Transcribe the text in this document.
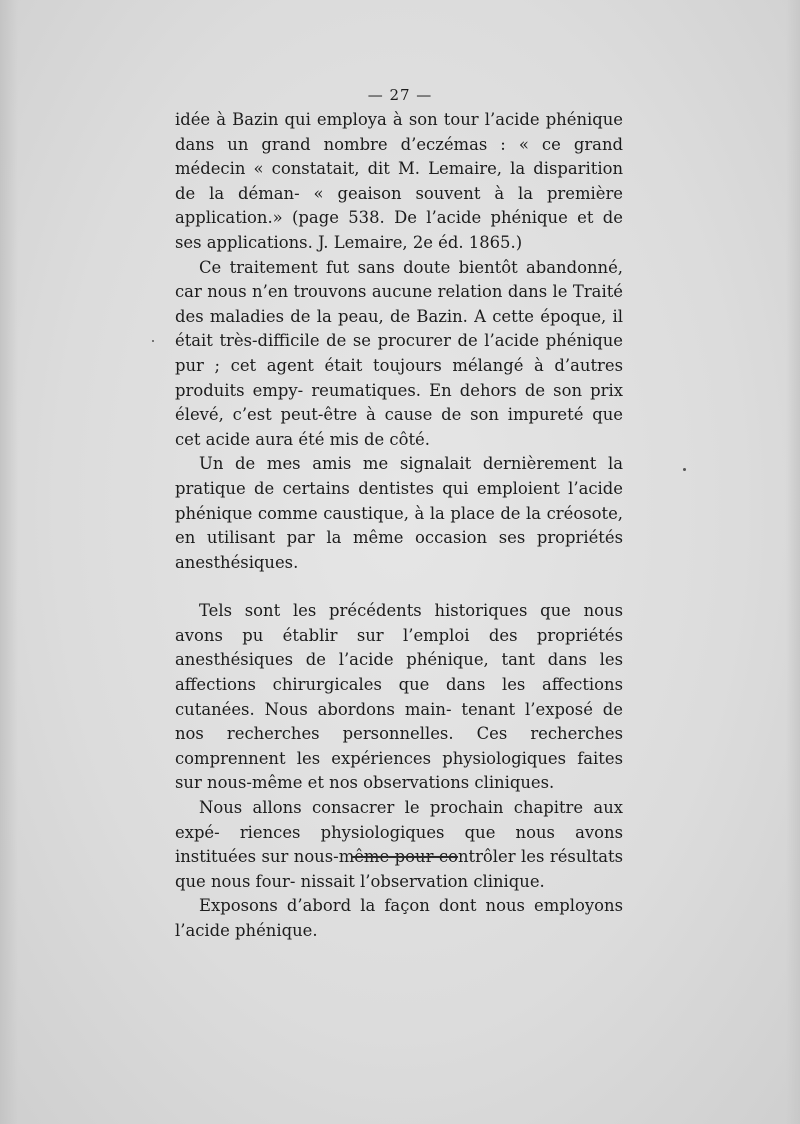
— 27 —

idée à Bazin qui employa à son tour l’acide phénique dans un grand nombre d’eczémas : « ce grand médecin « constatait, dit M. Lemaire, la disparition de la déman- « geaison souvent à la première application.» (page 538. De l’acide phénique et de ses applications. J. Lemaire, 2e éd. 1865.)

Ce traitement fut sans doute bientôt abandonné, car nous n’en trouvons aucune relation dans le Traité des maladies de la peau, de Bazin. A cette époque, il était très-difficile de se procurer de l’acide phénique pur ; cet agent était toujours mélangé à d’autres produits empy- reumatiques. En dehors de son prix élevé, c’est peut-être à cause de son impureté que cet acide aura été mis de côté.

Un de mes amis me signalait dernièrement la pratique de certains dentistes qui emploient l’acide phénique comme caustique, à la place de la créosote, en utilisant par la même occasion ses propriétés anesthésiques.

Tels sont les précédents historiques que nous avons pu établir sur l’emploi des propriétés anesthésiques de l’acide phénique, tant dans les affections chirurgicales que dans les affections cutanées. Nous abordons main- tenant l’exposé de nos recherches personnelles. Ces recherches comprennent les expériences physiologiques faites sur nous-même et nos observations cliniques.

Nous allons consacrer le prochain chapitre aux expé- riences physiologiques que nous avons instituées sur nous-même pour contrôler les résultats que nous four- nissait l’observation clinique.

Exposons d’abord la façon dont nous employons l’acide phénique.
